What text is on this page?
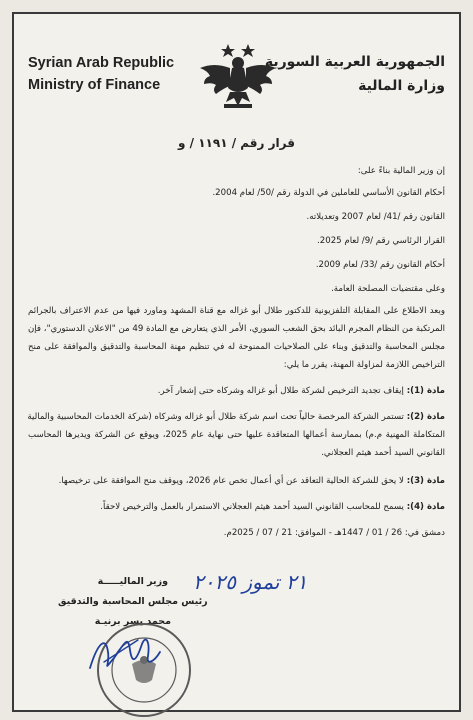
Syrian Arab Republic
Ministry of Finance
الجمهورية العربية السورية
وزارة المالية
قرار رقم / ١١٩١ / و
إن وزير المالية بناءً على:
أحكام القانون الأساسي للعاملين في الدولة رقم /50/ لعام 2004.
القانون رقم /41/ لعام 2007 وتعديلاته.
القرار الرئاسي رقم /9/ لعام 2025.
أحكام القانون رقم /33/ لعام 2009.
وعلى مقتضيات المصلحة العامة.
وبعد الاطلاع على المقابلة التلفزيونية للدكتور طلال أبو غزاله مع قناة المشهد وماورد فيها من عدم الاعتراف بالجرائم
المرتكبة من النظام المجرم البائد بحق الشعب السوري، الأمر الذي يتعارض مع المادة 49 من "الاعلان الدستوري"، فإن
مجلس المحاسبة والتدقيق وبناء على الصلاحيات الممنوحة له في تنظيم مهنة المحاسبة والتدقيق والموافقة على منح
التراخيص اللازمة لمزاولة المهنة، يقرر ما يلي:
مادة (1): إيقاف تجديد الترخيص لشركة طلال أبو غزاله وشركاه حتى إشعار آخر.
مادة (2): تستمر الشركة المرخصة حالياً تحت اسم شركة طلال أبو غزاله وشركاه (شركة الخدمات المحاسبية والمالية
المتكاملة المهنية م.م) بممارسة أعمالها المتعاقدة عليها حتى نهاية عام 2025، ويوقع عن الشركة ويديرها المحاسب
القانوني السيد أحمد هيثم العجلاني.
مادة (3): لا يحق للشركة الحالية التعاقد عن أي أعمال تخص عام 2026، ويوقف منح الموافقة على ترخيصها.
مادة (4): يسمح للمحاسب القانوني السيد أحمد هيثم العجلاني الاستمرار بالعمل والترخيص لاحقاً.
دمشق في: 26 / 01 / 1447هـ - الموافق: 21 / 07 / 2025م.
٢١ تموز ٢٠٢٥
وزير الماليـــــة
رئيس مجلس المحاسبة والتدقيق
محمد يسر برنيـة
